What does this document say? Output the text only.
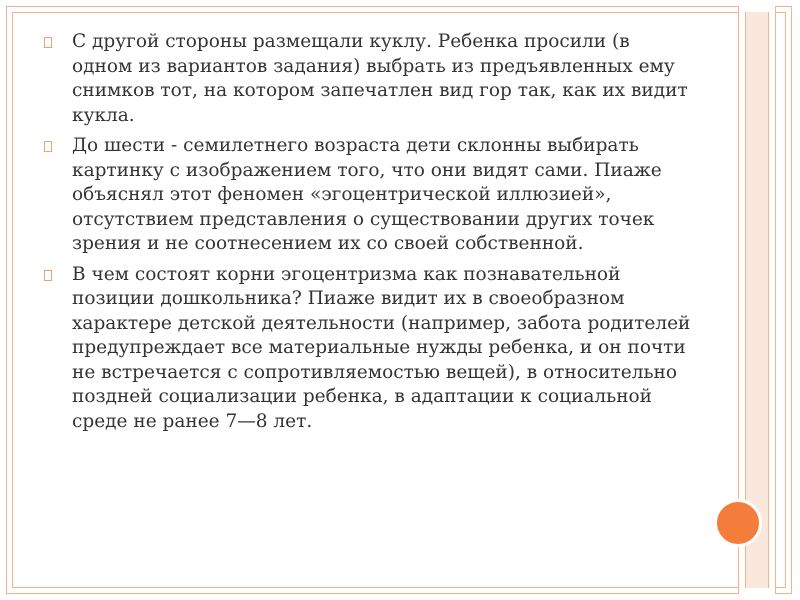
С другой стороны размещали куклу. Ребенка просили (в одном из вариантов задания) выбрать из предъявленных ему снимков тот, на котором запечатлен вид гор так, как их видит кукла.
До шести - семилетнего возраста дети склонны выбирать картинку с изображением того, что они видят сами. Пиаже объяснял этот феномен «эгоцентрической иллюзией», отсутствием представления о существовании других точек зрения и не соотнесением их со своей собственной.
В чем состоят корни эгоцентризма как познавательной позиции дошкольника? Пиаже видит их в своеобразном характере детской деятельности (например, забота родителей предупреждает все материальные нужды ребенка, и он почти не встречается с сопротивляемостью вещей), в относительно поздней социализации ребенка, в адаптации к социальной среде не ранее 7—8 лет.
